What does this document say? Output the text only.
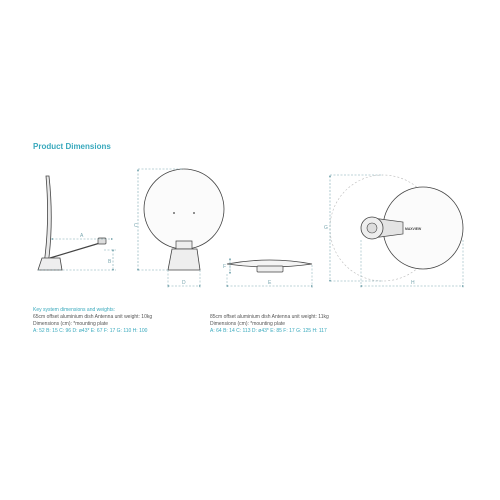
Product Dimensions
A
B
C
D
F
E
MAXVIEW
G
H
Key system dimensions and weights:
65cm offset aluminium dish Antenna unit weight: 10kg
Dimensions (cm): *mounting plate
A: 52 B: 15 C: 96 D: ø43* E: 67 F: 17 G: 110 H: 100
85cm offset aluminium dish Antenna unit weight: 11kg
Dimensions (cm): *mounting plate
A: 64 B: 14 C: 113 D: ø43* E: 85 F: 17 G: 125 H: 117
